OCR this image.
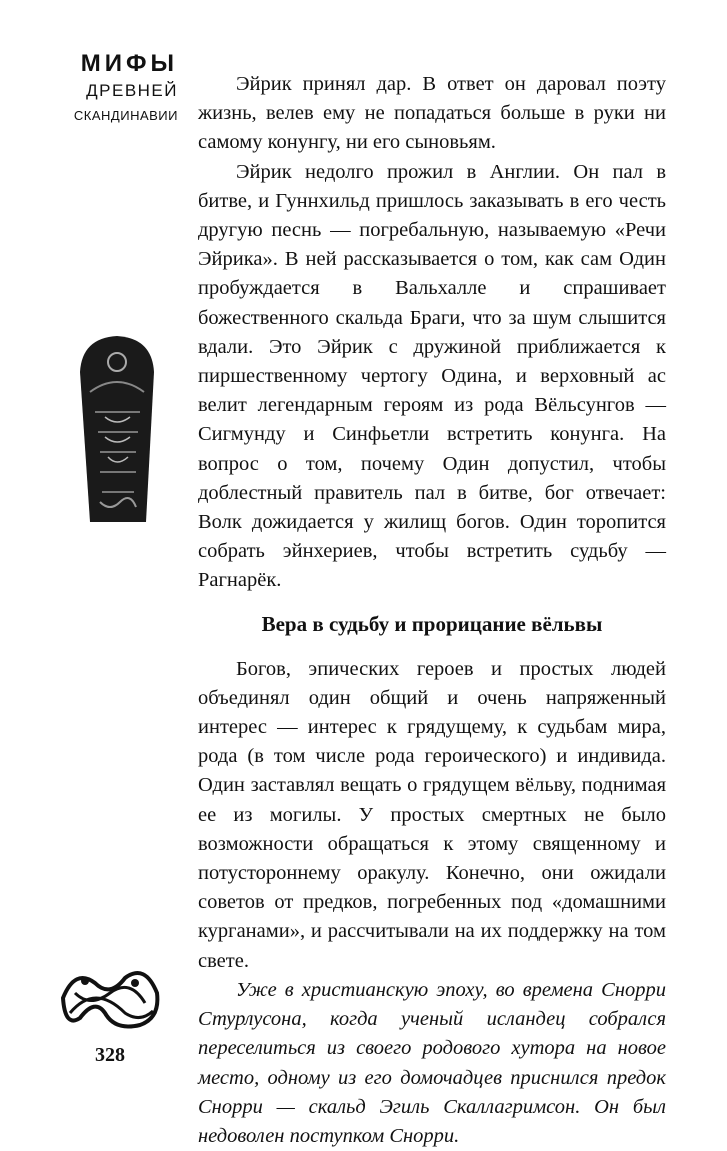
МИФЫ
ДРЕВНЕЙ
СКАНДИНАВИИ
328

Эйрик принял дар. В ответ он даровал поэту жизнь, велев ему не попадаться больше в руки ни самому конунгу, ни его сыновьям.

Эйрик недолго прожил в Англии. Он пал в битве, и Гуннхильд пришлось заказывать в его честь другую песнь — погребальную, называемую «Речи Эйрика». В ней рассказывается о том, как сам Один пробуждается в Вальхалле и спрашивает божественного скальда Браги, что за шум слышится вдали. Это Эйрик с дружиной приближается к пиршественному чертогу Одина, и верховный ас велит легендарным героям из рода Вёльсунгов — Сигмунду и Синфьетли встретить конунга. На вопрос о том, почему Один допустил, чтобы доблестный правитель пал в битве, бог отвечает: Волк дожидается у жилищ богов. Один торопится собрать эйнхериев, чтобы встретить судьбу — Рагнарёк.

Вера в судьбу и прорицание вёльвы

Богов, эпических героев и простых людей объединял один общий и очень напряженный интерес — интерес к грядущему, к судьбам мира, рода (в том числе рода героического) и индивида. Один заставлял вещать о грядущем вёльву, поднимая ее из могилы. У простых смертных не было возможности обращаться к этому священному и потустороннему оракулу. Конечно, они ожидали советов от предков, погребенных под «домашними курганами», и рассчитывали на их поддержку на том свете.

Уже в христианскую эпоху, во времена Снорри Стурлусона, когда ученый исландец собрался переселиться из своего родового хутора на новое место, одному из его домочадцев приснился предок Снорри — скальд Эгиль Скаллагримсон. Он был недоволен поступком Снорри.
